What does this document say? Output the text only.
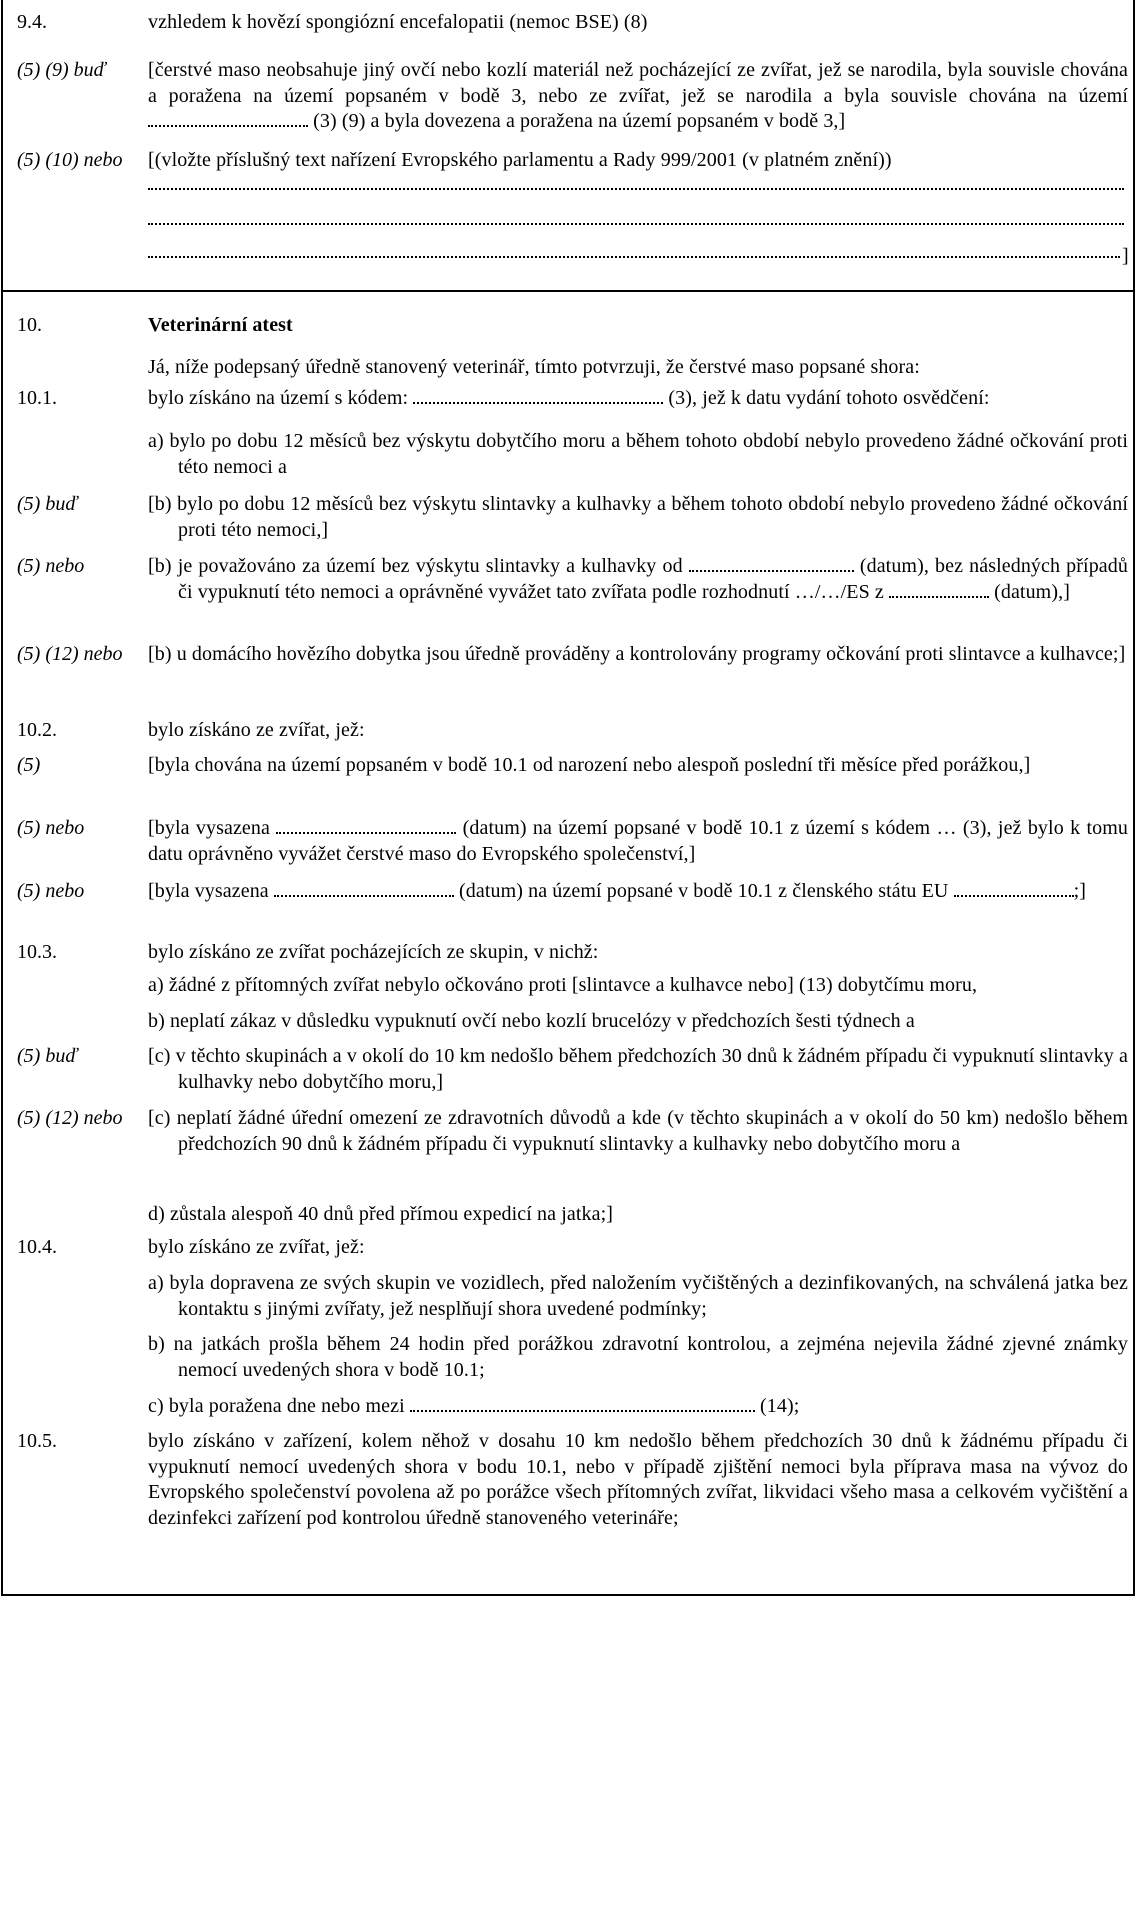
9.4.	vzhledem k hovězí spongiózní encefalopatii (nemoc BSE) (8)
(5) (9) buď	[čerstvé maso neobsahuje jiný ovčí nebo kozlí materiál než pocházející ze zvířat, jež se narodila, byla souvisle chována a poražena na území popsaném v bodě 3, nebo ze zvířat, jež se narodila a byla souvisle chována na území  (3) (9) a byla dovezena a poražena na území popsaném v bodě 3,]
(5) (10) nebo	[(vložte příslušný text nařízení Evropského parlamentu a Rady 999/2001 (v platném znění))
]
10.	Veterinární atest
Já, níže podepsaný úředně stanovený veterinář, tímto potvrzuji, že čerstvé maso popsané shora:
10.1.	bylo získáno na území s kódem:	(3), jež k datu vydání tohoto osvědčení:
a) bylo po dobu 12 měsíců bez výskytu dobytčího moru a během tohoto období nebylo provedeno žádné očkování proti této nemoci a
(5) buď	[b) bylo po dobu 12 měsíců bez výskytu slintavky a kulhavky a během tohoto období nebylo provedeno žádné očkování proti této nemoci,]
(5) nebo	[b) je považováno za území bez výskytu slintavky a kulhavky od	(datum), bez následných případů či vypuknutí této nemoci a oprávněné vyvážet tato zvířata podle rozhodnutí …/…/ES z	(datum),]
(5) (12) nebo	[b) u domácího hovězího dobytka jsou úředně prováděny a kontrolovány programy očkování proti slintavce a kulhavce;]
10.2.	bylo získáno ze zvířat, jež:
(5)	[byla chována na území popsaném v bodě 10.1 od narození nebo alespoň poslední tři měsíce před porážkou,]
(5) nebo	[byla vysazena	(datum) na území popsané v bodě 10.1 z území s kódem … (3), jež bylo k tomu datu oprávněno vyvážet čerstvé maso do Evropského společenství,]
(5) nebo	[byla vysazena	(datum) na území popsané v bodě 10.1 z členského státu EU	;]
10.3.	bylo získáno ze zvířat pocházejících ze skupin, v nichž:
a) žádné z přítomných zvířat nebylo očkováno proti [slintavce a kulhavce nebo] (13) dobytčímu moru,
b) neplatí zákaz v důsledku vypuknutí ovčí nebo kozlí brucelózy v předchozích šesti týdnech a
(5) buď	[c) v těchto skupinách a v okolí do 10 km nedošlo během předchozích 30 dnů k žádném případu či vypuknutí slintavky a kulhavky nebo dobytčího moru,]
(5) (12) nebo	[c) neplatí žádné úřední omezení ze zdravotních důvodů a kde (v těchto skupinách a v okolí do 50 km) nedošlo během předchozích 90 dnů k žádném případu či vypuknutí slintavky a kulhavky nebo dobytčího moru a
d) zůstala alespoň 40 dnů před přímou expedicí na jatka;]
10.4.	bylo získáno ze zvířat, jež:
a) byla dopravena ze svých skupin ve vozidlech, před naložením vyčištěných a dezinfikovaných, na schválená jatka bez kontaktu s jinými zvířaty, jež nesplňují shora uvedené podmínky;
b) na jatkách prošla během 24 hodin před porážkou zdravotní kontrolou, a zejména nejevila žádné zjevné známky nemocí uvedených shora v bodě 10.1;
c) byla poražena dne nebo mezi	(14);
10.5.	bylo získáno v zařízení, kolem něhož v dosahu 10 km nedošlo během předchozích 30 dnů k žádnému případu či vypuknutí nemocí uvedených shora v bodu 10.1, nebo v případě zjištění nemoci byla příprava masa na vývoz do Evropského společenství povolena až po porážce všech přítomných zvířat, likvidaci všeho masa a celkovém vyčištění a dezinfekci zařízení pod kontrolou úředně stanoveného veterináře;
